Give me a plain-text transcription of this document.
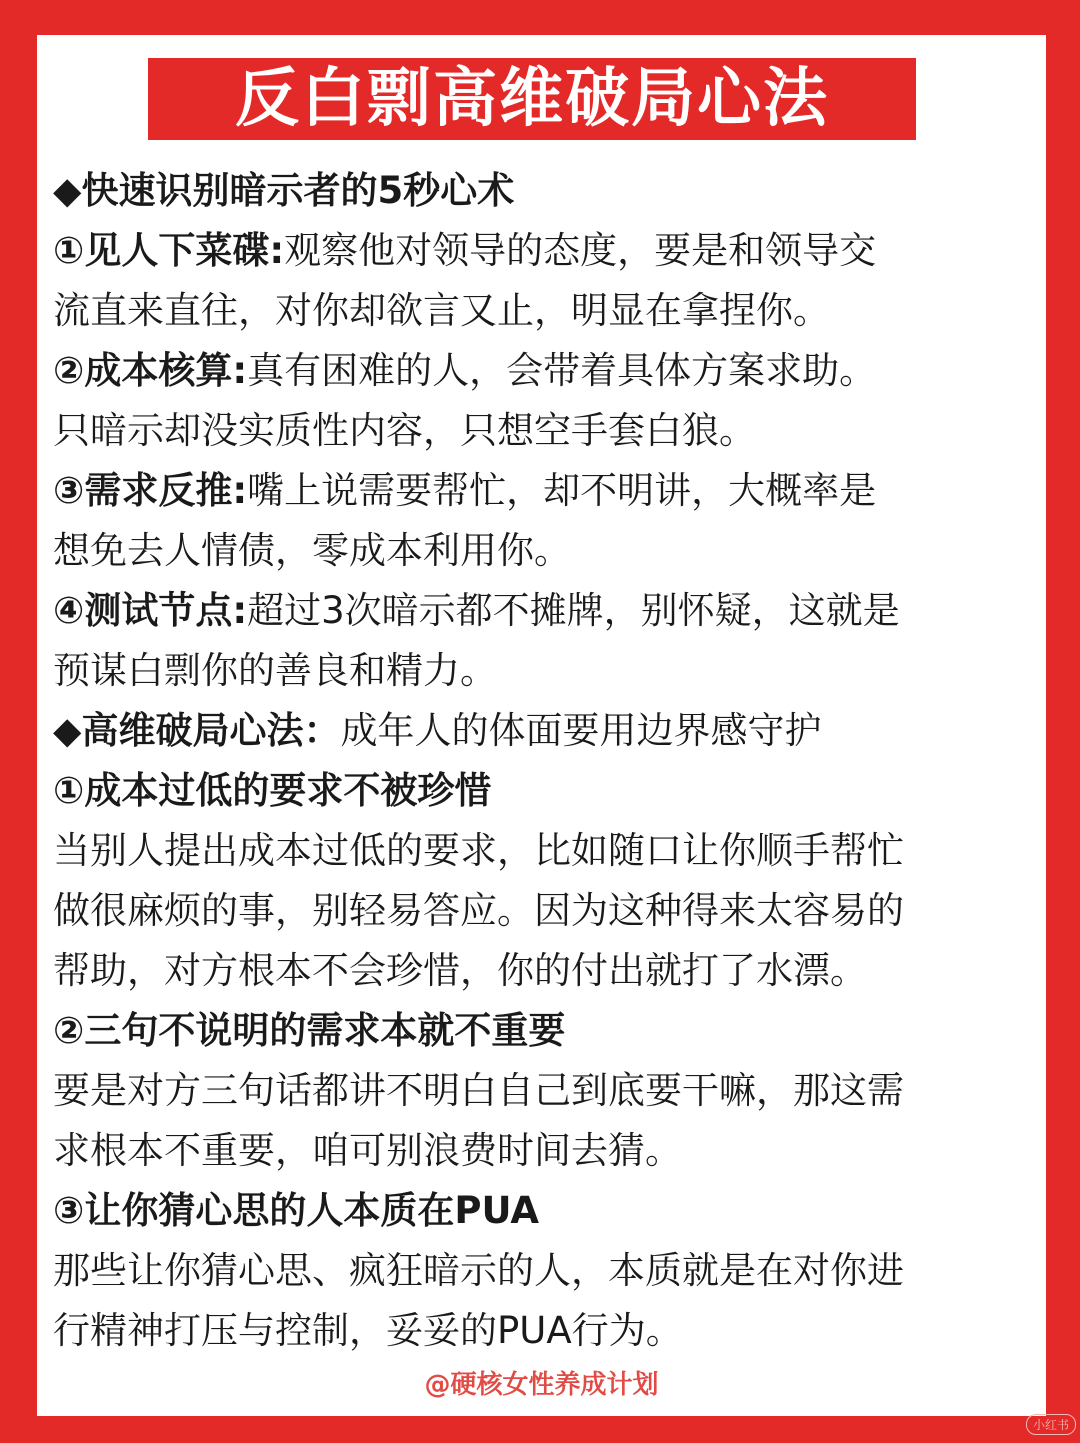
反白剽高维破局心法
◆快速识别暗示者的5秒心术
①见人下菜碟:观察他对领导的态度，要是和领导交
流直来直往，对你却欲言又止，明显在拿捏你。
②成本核算:真有困难的人，会带着具体方案求助。
只暗示却没实质性内容，只想空手套白狼。
③需求反推:嘴上说需要帮忙，却不明讲，大概率是
想免去人情债，零成本利用你。
④测试节点:超过3次暗示都不摊牌，别怀疑，这就是
预谋白剽你的善良和精力。
◆高维破局心法：成年人的体面要用边界感守护
①成本过低的要求不被珍惜
当别人提出成本过低的要求，比如随口让你顺手帮忙
做很麻烦的事，别轻易答应。因为这种得来太容易的
帮助，对方根本不会珍惜，你的付出就打了水漂。
②三句不说明的需求本就不重要
要是对方三句话都讲不明白自己到底要干嘛，那这需
求根本不重要，咱可别浪费时间去猜。
③让你猜心思的人本质在PUA
那些让你猜心思、疯狂暗示的人，本质就是在对你进
行精神打压与控制，妥妥的PUA行为。
@硬核女性养成计划
小红书
